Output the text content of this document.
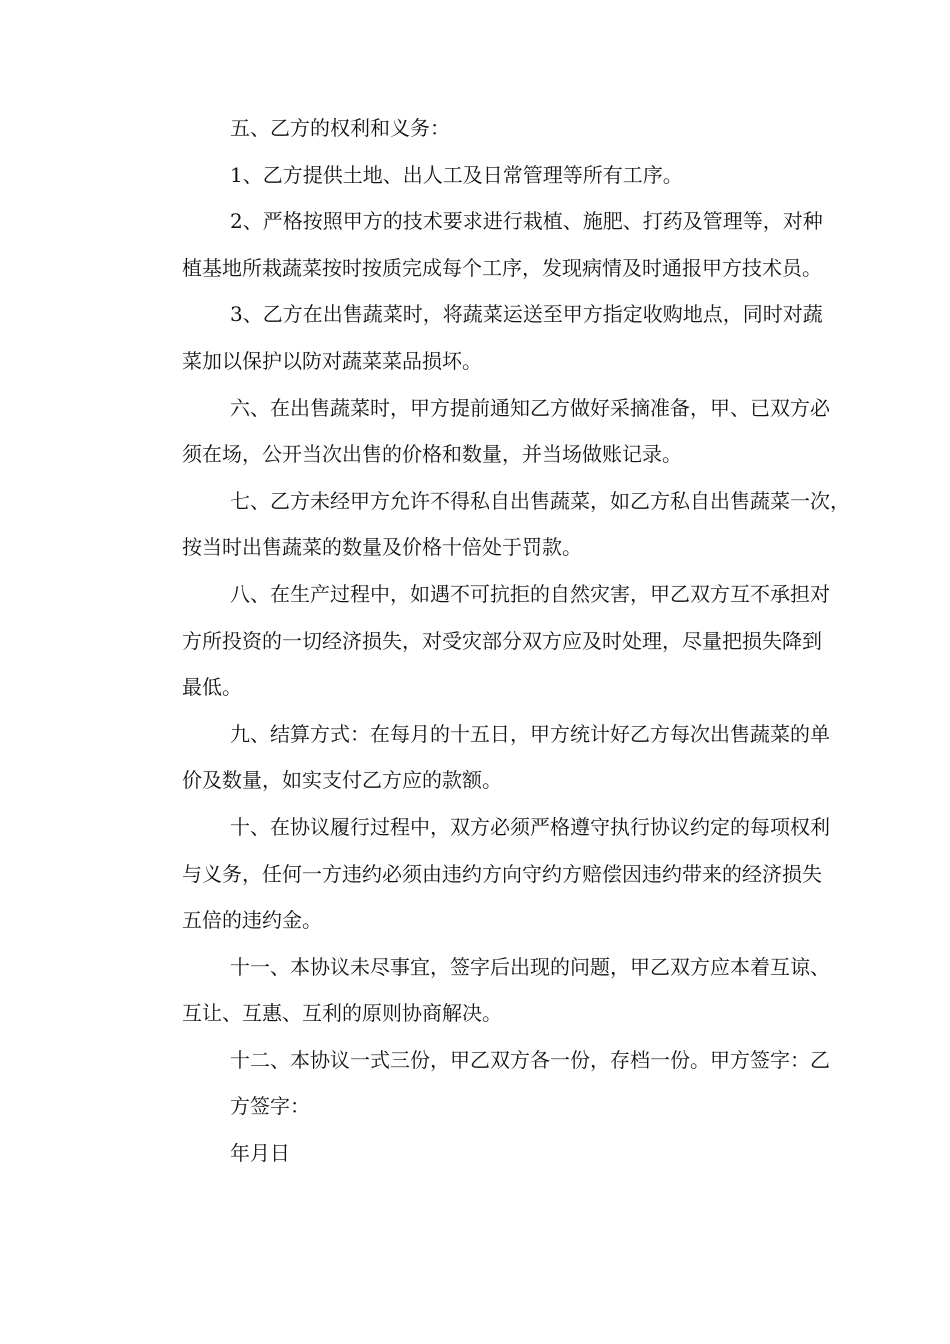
五、乙方的权利和义务：
1、乙方提供土地、出人工及日常管理等所有工序。
2、严格按照甲方的技术要求进行栽植、施肥、打药及管理等，对种
植基地所栽蔬菜按时按质完成每个工序，发现病情及时通报甲方技术员。
3、乙方在出售蔬菜时，将蔬菜运送至甲方指定收购地点，同时对蔬
菜加以保护以防对蔬菜菜品损坏。
六、在出售蔬菜时，甲方提前通知乙方做好采摘准备，甲、已双方必
须在场，公开当次出售的价格和数量，并当场做账记录。
七、乙方未经甲方允许不得私自出售蔬菜，如乙方私自出售蔬菜一次，
按当时出售蔬菜的数量及价格十倍处于罚款。
八、在生产过程中，如遇不可抗拒的自然灾害，甲乙双方互不承担对
方所投资的一切经济损失，对受灾部分双方应及时处理，尽量把损失降到
最低。
九、结算方式：在每月的十五日，甲方统计好乙方每次出售蔬菜的单
价及数量，如实支付乙方应的款额。
十、在协议履行过程中，双方必须严格遵守执行协议约定的每项权利
与义务，任何一方违约必须由违约方向守约方赔偿因违约带来的经济损失
五倍的违约金。
十一、本协议未尽事宜，签字后出现的问题，甲乙双方应本着互谅、
互让、互惠、互利的原则协商解决。
十二、本协议一式三份，甲乙双方各一份，存档一份。甲方签字：乙
方签字：
年月日
